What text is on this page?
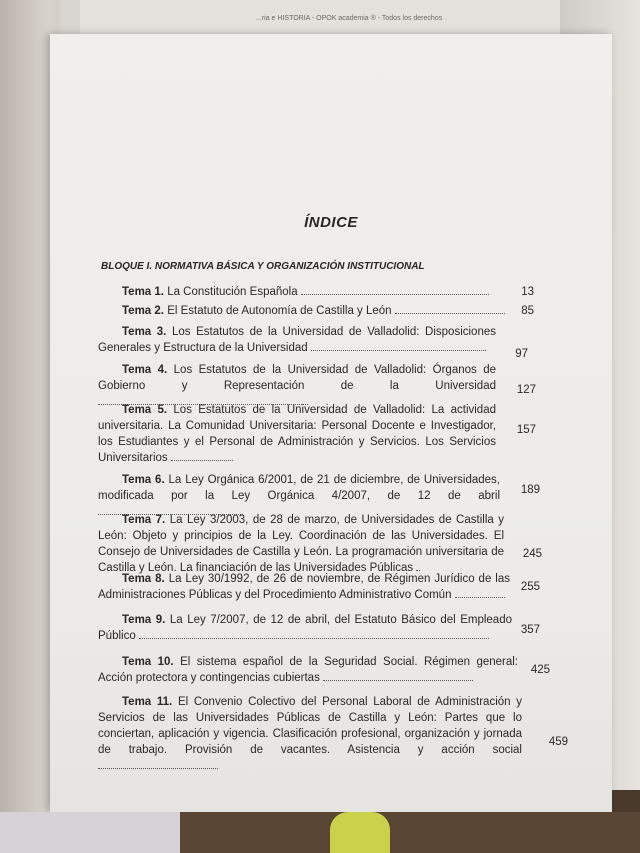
...ria e HISTORIA - OPOK academia ® - Todos los derechos
ÍNDICE
BLOQUE I. NORMATIVA BÁSICA Y ORGANIZACIÓN INSTITUCIONAL
Tema 1. La Constitución Española	13
Tema 2. El Estatuto de Autonomía de Castilla y León	85
Tema 3. Los Estatutos de la Universidad de Valladolid: Disposiciones Generales y Estructura de la Universidad	97
Tema 4. Los Estatutos de la Universidad de Valladolid: Órganos de Gobierno y Representación de la Universidad 127
Tema 5. Los Estatutos de la Universidad de Valladolid: La actividad universitaria. La Comunidad Universitaria: Personal Docente e Investigador, los Estudiantes y el Personal de Administración y Servicios. Los Servicios Universitarios
157
Tema 6. La Ley Orgánica 6/2001, de 21 de diciembre, de Universidades, modificada por la Ley Orgánica 4/2007, de 12 de abril 189
Tema 7. La Ley 3/2003, de 28 de marzo, de Universidades de Castilla y León: Objeto y principios de la Ley. Coordinación de las Universidades. El Consejo de Universidades de Castilla y León. La programación universitaria de Castilla y León. La financiación de las Universidades Públicas
245
Tema 8. La Ley 30/1992, de 26 de noviembre, de Régimen Jurídico de las Administraciones Públicas y del Procedimiento Administrativo Común
255
Tema 9. La Ley 7/2007, de 12 de abril, del Estatuto Básico del Empleado Público	357
Tema 10. El sistema español de la Seguridad Social. Régimen general: Acción protectora y contingencias cubiertas
425
Tema 11. El Convenio Colectivo del Personal Laboral de Administración y Servicios de las Universidades Públicas de Castilla y León: Partes que lo conciertan, aplicación y vigencia. Clasificación profesional, organización y jornada de trabajo. Provisión de vacantes. Asistencia y acción social
459
